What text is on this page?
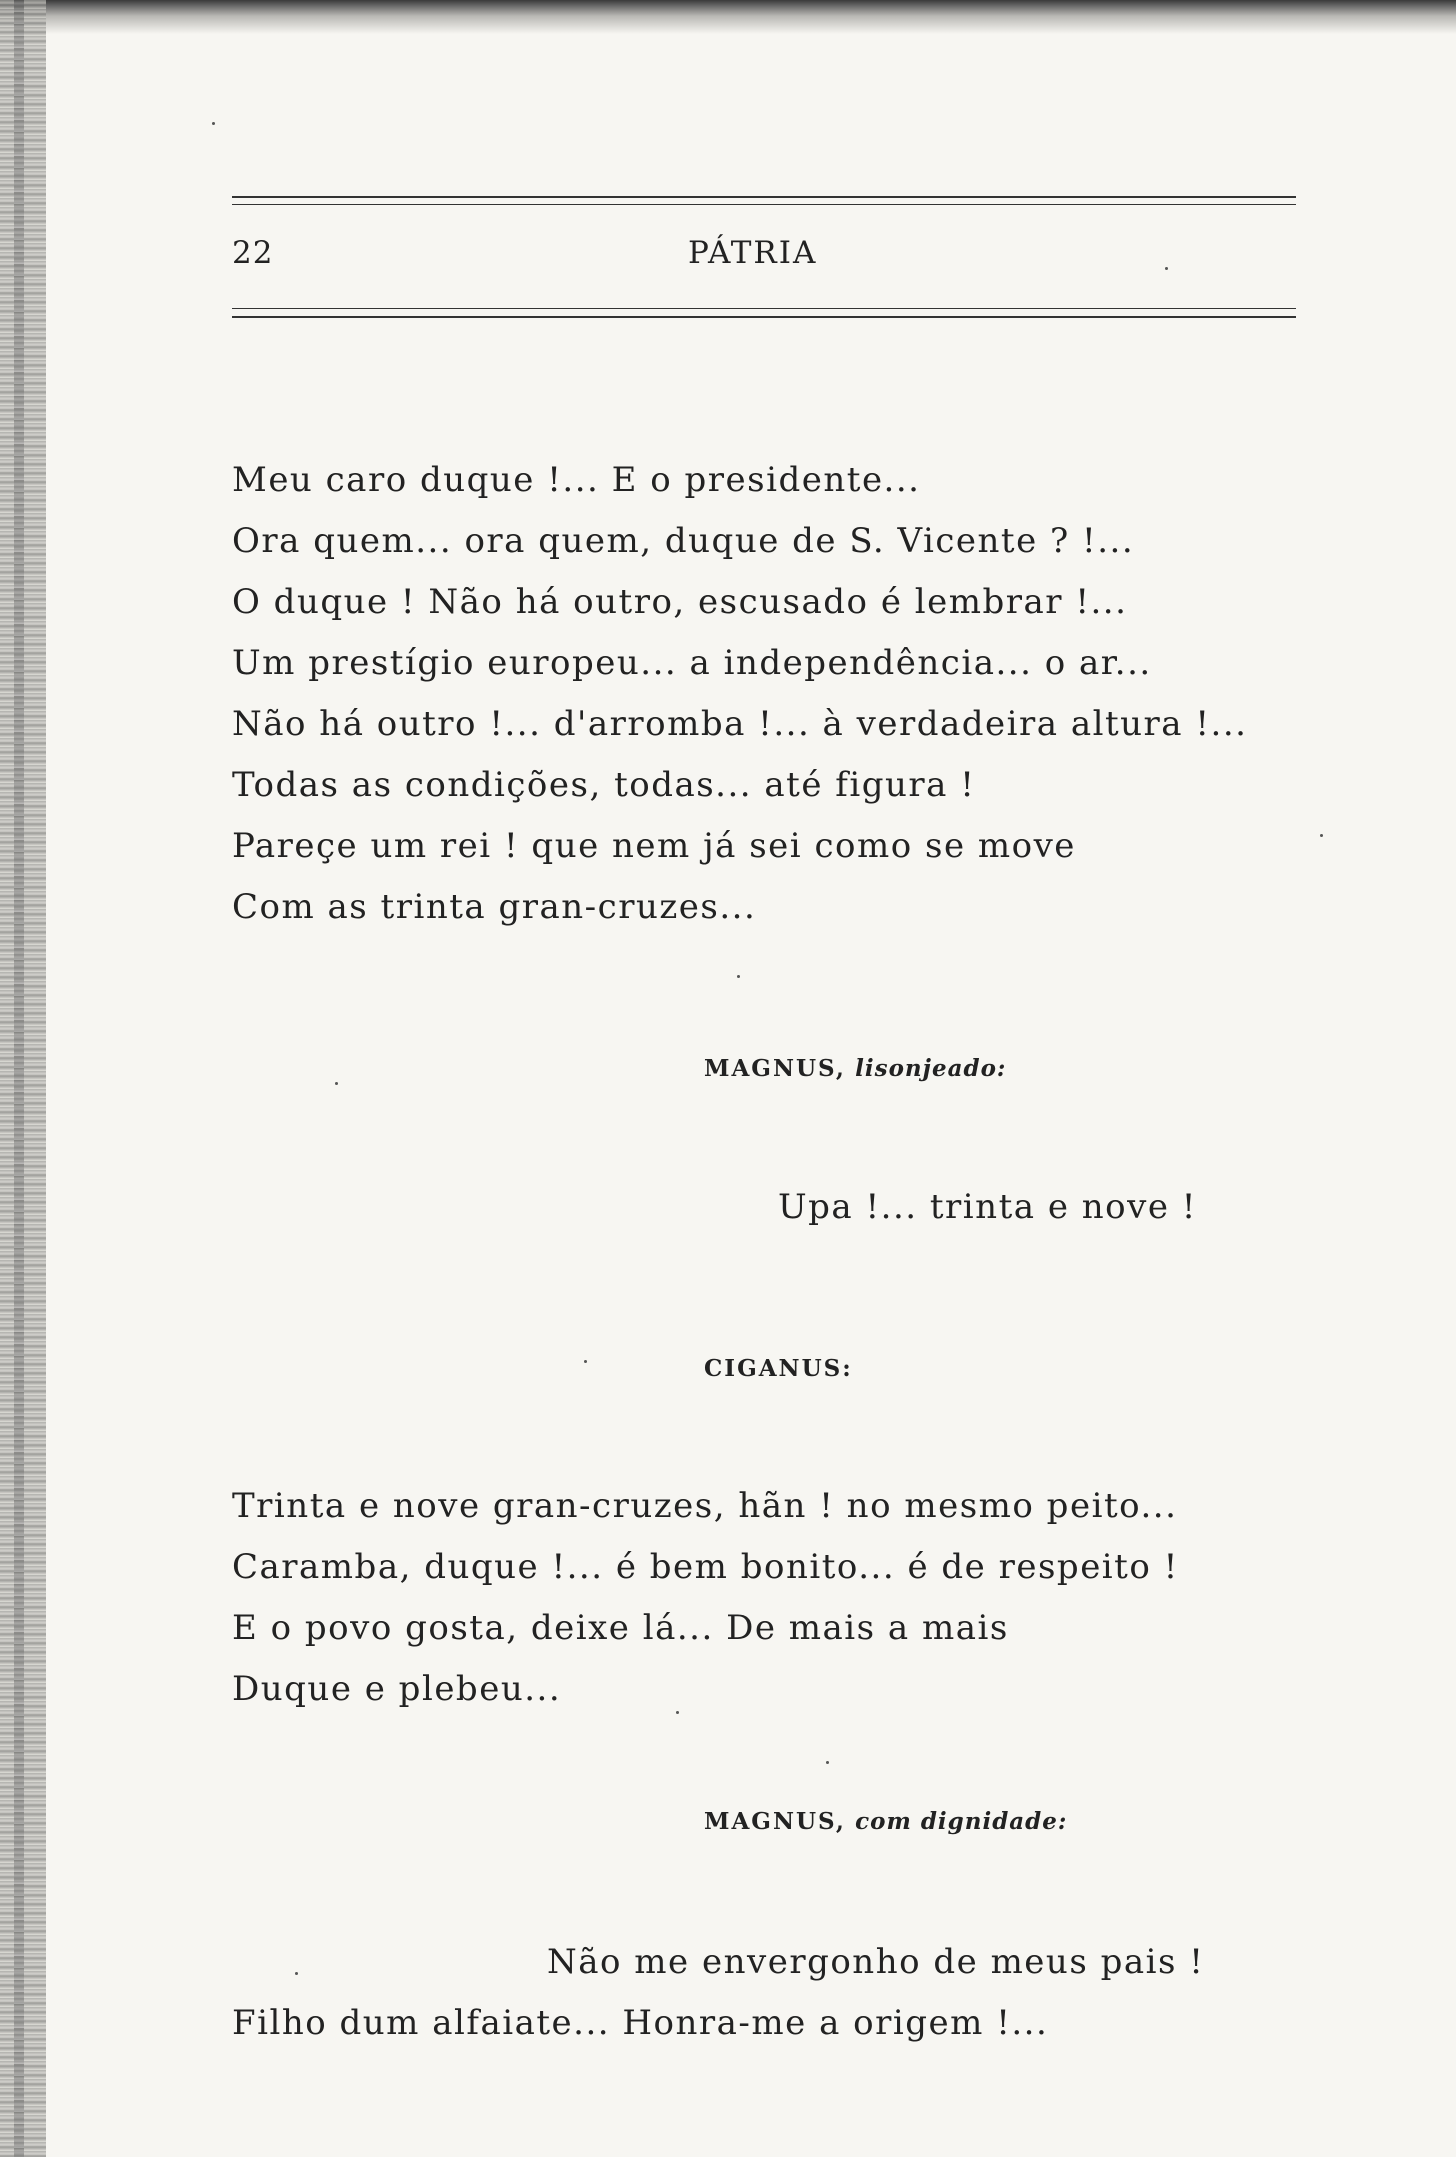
22	PÁTRIA
Meu caro duque !... E o presidente...
Ora quem... ora quem, duque de S. Vicente ? !...
O duque ! Não há outro, escusado é lembrar !...
Um prestígio europeu... a independência... o ar...
Não há outro !... d'arromba !... à verdadeira altura !...
Todas as condições, todas... até figura !
Pareçe um rei ! que nem já sei como se move
Com as trinta gran-cruzes...
MAGNUS, lisonjeado:
Upa !... trinta e nove !
CIGANUS:
Trinta e nove gran-cruzes, hãn ! no mesmo peito...
Caramba, duque !... é bem bonito... é de respeito !
E o povo gosta, deixe lá... De mais a mais
Duque e plebeu...
MAGNUS, com dignidade:
Não me envergonho de meus pais !
Filho dum alfaiate... Honra-me a origem !...
